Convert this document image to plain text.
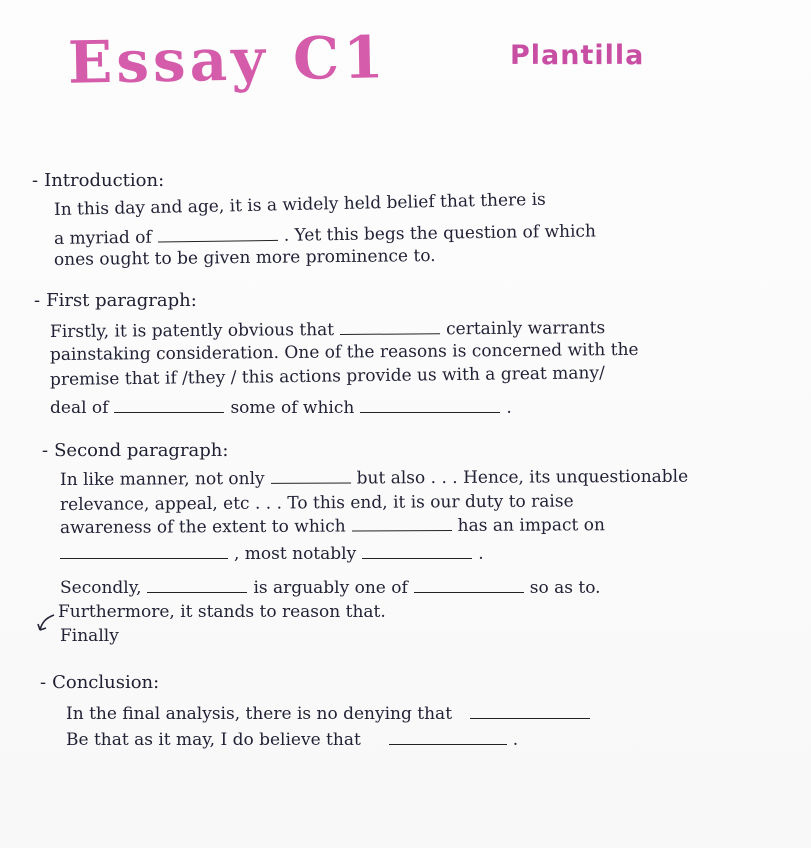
Essay C1	Plantilla
- Introduction:
In this day and age, it is a widely held belief that there is
a myriad of	. Yet this begs the question of which
ones ought to be given more prominence to.
- First paragraph:
Firstly, it is patently obvious that	certainly warrants
painstaking consideration. One of the reasons is concerned with the
premise that if /they / this actions provide us with a great many/
deal of	some of which	.
- Second paragraph:
In like manner, not only	but also . . . Hence, its unquestionable
relevance, appeal, etc . . . To this end, it is our duty to raise
awareness of the extent to which	has an impact on
, most notably	.
Secondly,	is arguably one of	so as to.
Furthermore, it stands to reason that.
Finally
- Conclusion:
In the final analysis, there is no denying that
Be that as it may, I do believe that	.
